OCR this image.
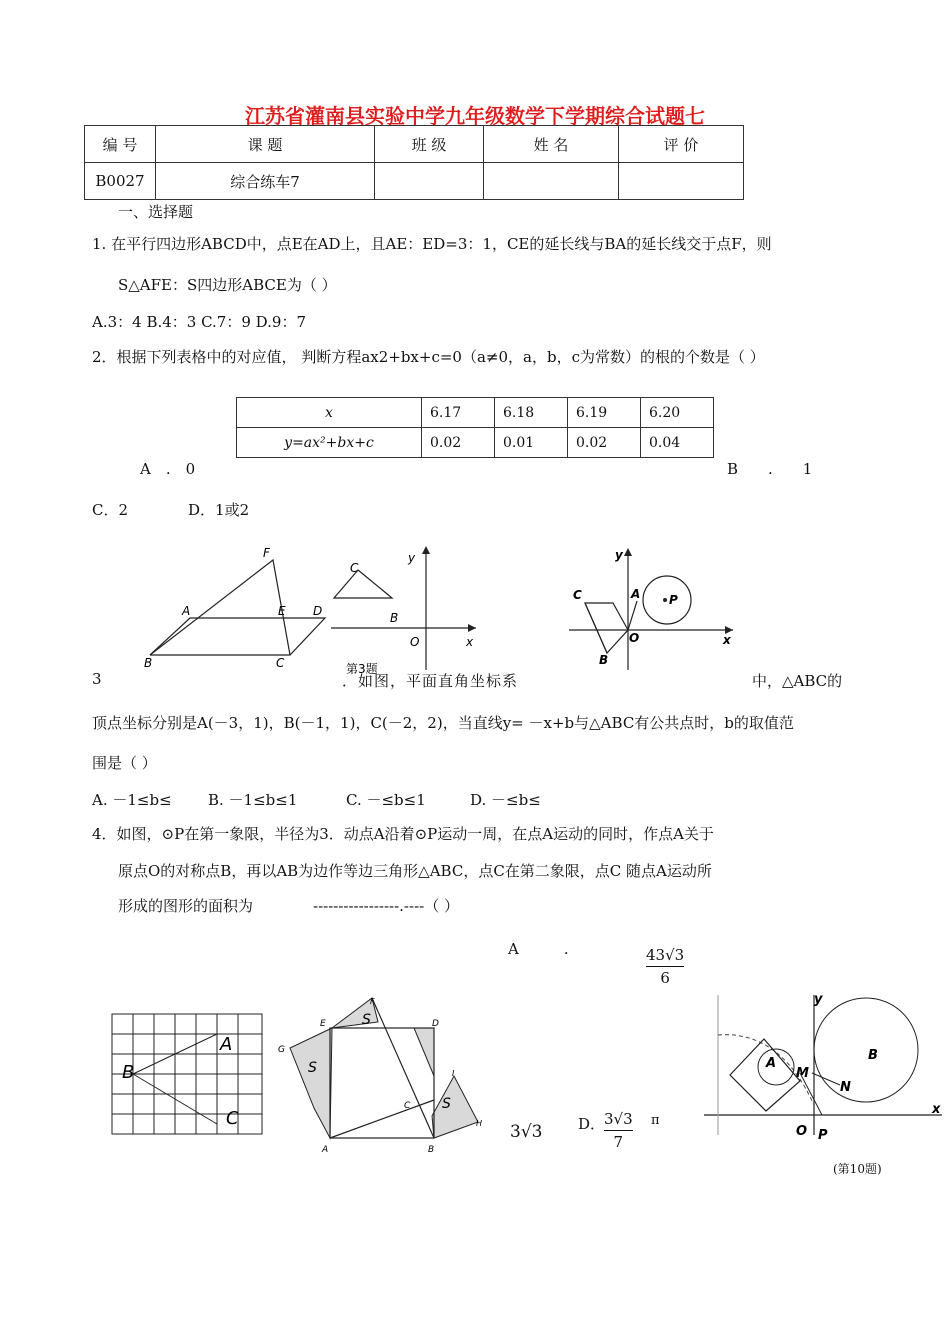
江苏省灌南县实验中学九年级数学下学期综合试题七
编 号	课 题	班 级	姓 名	评 价
B0027	综合练车7			
一、选择题
1. 在平行四边形ABCD中，点E在AD上，且AE：ED=3：1，CE的延长线与BA的延长线交于点F，则
S△AFE：S四边形ABCE为（ ）
A.3：4 B.4：3 C.7：9 D.9：7
2．根据下列表格中的对应值， 判断方程ax2+bx+c=0（a≠0，a，b，c为常数）的根的个数是（ ）
x	6.17	6.18	6.19	6.20
y=ax²+bx+c	0.02	0.01	0.02	0.04
A　.　0	B　　.　　1
C．2　　　　D．1或2
F
A	E D
B	C
C
y
B
O	x
第3题
y
C	A P
O
B
x
3	．如图，平面直角坐标系	中，△ABC的
顶点坐标分别是A(－3，1)，B(－1，1)，C(－2，2)，当直线y= －x+b与△ABC有公共点时，b的取值范
围是（ ）
A. －1≤b≤ B. －1≤b≤1	C. －≤b≤1	D. －≤b≤
4．如图，⊙P在第一象限，半径为3．动点A沿着⊙P运动一周，在点A运动的同时，作点A关于
原点O的对称点B，再以AB为边作等边三角形△ABC，点C在第二象限，点C 随点A运动所
形成的图形的面积为　　　　-----------------.----（ ）
A　　　.	$\frac{43√3}{6}$
A
B
C
F
E	D
G
S
S	I
C S
A	B
H 3√3 D．
$\frac{3√3}{7}$ π
y
A
M
B
N
O P
x
(第10题)
